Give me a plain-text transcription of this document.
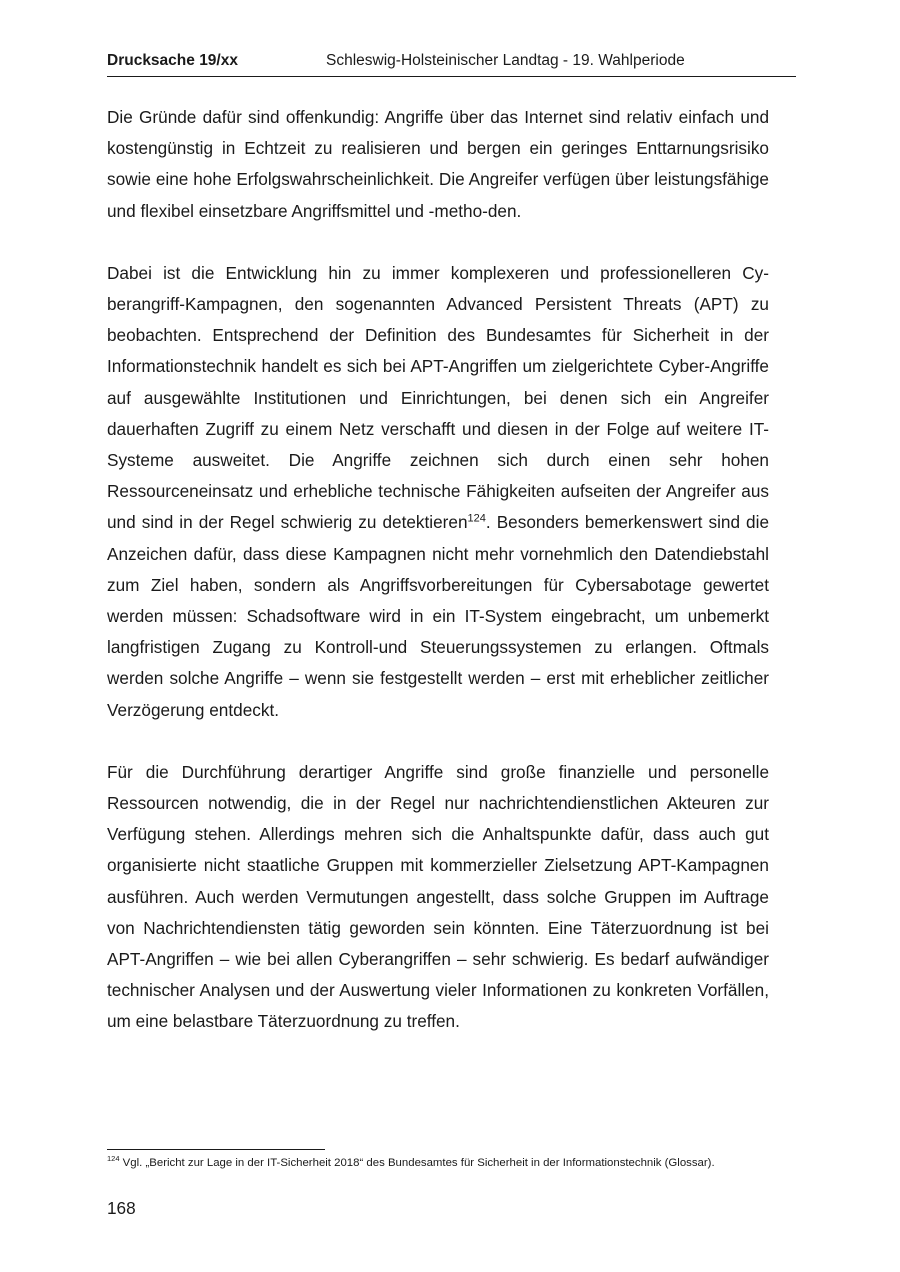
Drucksache 19/xx	Schleswig-Holsteinischer Landtag - 19. Wahlperiode

Die Gründe dafür sind offenkundig: Angriffe über das Internet sind relativ einfach und kostengünstig in Echtzeit zu realisieren und bergen ein geringes Enttarnungsrisiko sowie eine hohe Erfolgswahrscheinlichkeit. Die Angreifer verfügen über leistungsfähige und flexibel einsetzbare Angriffsmittel und -metho-den.

Dabei ist die Entwicklung hin zu immer komplexeren und professionelleren Cyberangriff-Kampagnen, den sogenannten Advanced Persistent Threats (APT) zu beobachten. Entsprechend der Definition des Bundesamtes für Sicherheit in der Informationstechnik handelt es sich bei APT-Angriffen um zielgerichtete Cyber-Angriffe auf ausgewählte Institutionen und Einrichtungen, bei denen sich ein Angreifer dauerhaften Zugriff zu einem Netz verschafft und diesen in der Folge auf weitere IT-Systeme ausweitet. Die Angriffe zeichnen sich durch einen sehr hohen Ressourceneinsatz und erhebliche technische Fähigkeiten aufseiten der Angreifer aus und sind in der Regel schwierig zu detektieren$^{124}$. Besonders bemerkenswert sind die Anzeichen dafür, dass diese Kampagnen nicht mehr vornehmlich den Datendiebstahl zum Ziel haben, sondern als Angriffsvorbereitungen für Cybersabotage gewertet werden müssen: Schadsoftware wird in ein IT-System eingebracht, um unbemerkt langfristigen Zugang zu Kontroll-und Steuerungssystemen zu erlangen. Oftmals werden solche Angriffe – wenn sie festgestellt werden – erst mit erheblicher zeitlicher Verzögerung entdeckt.

Für die Durchführung derartiger Angriffe sind große finanzielle und personelle Ressourcen notwendig, die in der Regel nur nachrichtendienstlichen Akteuren zur Verfügung stehen. Allerdings mehren sich die Anhaltspunkte dafür, dass auch gut organisierte nicht staatliche Gruppen mit kommerzieller Zielsetzung APT-Kampagnen ausführen. Auch werden Vermutungen angestellt, dass solche Gruppen im Auftrage von Nachrichtendiensten tätig geworden sein könnten. Eine Täterzuordnung ist bei APT-Angriffen – wie bei allen Cyberangriffen – sehr schwierig. Es bedarf aufwändiger technischer Analysen und der Auswertung vieler Informationen zu konkreten Vorfällen, um eine belastbare Täterzuordnung zu treffen.

$^{124}$ Vgl. „Bericht zur Lage in der IT-Sicherheit 2018“ des Bundesamtes für Sicherheit in der Informationstechnik (Glossar).
168
